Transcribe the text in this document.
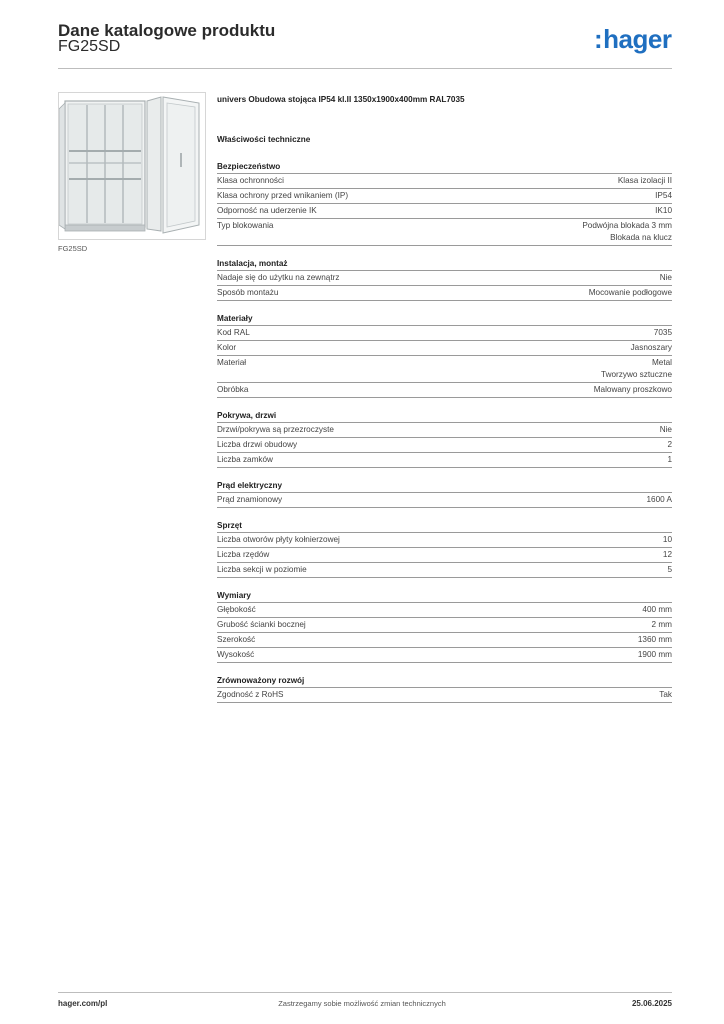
Dane katalogowe produktu
FG25SD	:hager
FG25SD
univers Obudowa stojąca IP54 kl.II 1350x1900x400mm RAL7035
Właściwości techniczne
Bezpieczeństwo
Klasa ochronności	Klasa izolacji II
Klasa ochrony przed wnikaniem (IP)	IP54
Odporność na uderzenie IK	IK10
Typ blokowania	Podwójna blokada 3 mm
Blokada na klucz
Instalacja, montaż
Nadaje się do użytku na zewnątrz	Nie
Sposób montażu	Mocowanie podłogowe
Materiały
Kod RAL	7035
Kolor	Jasnoszary
Materiał	Metal
Tworzywo sztuczne
Obróbka	Malowany proszkowo
Pokrywa, drzwi
Drzwi/pokrywa są przezroczyste	Nie
Liczba drzwi obudowy	2
Liczba zamków	1
Prąd elektryczny
Prąd znamionowy	1600 A
Sprzęt
Liczba otworów płyty kołnierzowej	10
Liczba rzędów	12
Liczba sekcji w poziomie	5
Wymiary
Głębokość	400 mm
Grubość ścianki bocznej	2 mm
Szerokość	1360 mm
Wysokość	1900 mm
Zrównoważony rozwój
Zgodność z RoHS	Tak
hager.com/pl	Zastrzegamy sobie możliwość zmian technicznych	25.06.2025
